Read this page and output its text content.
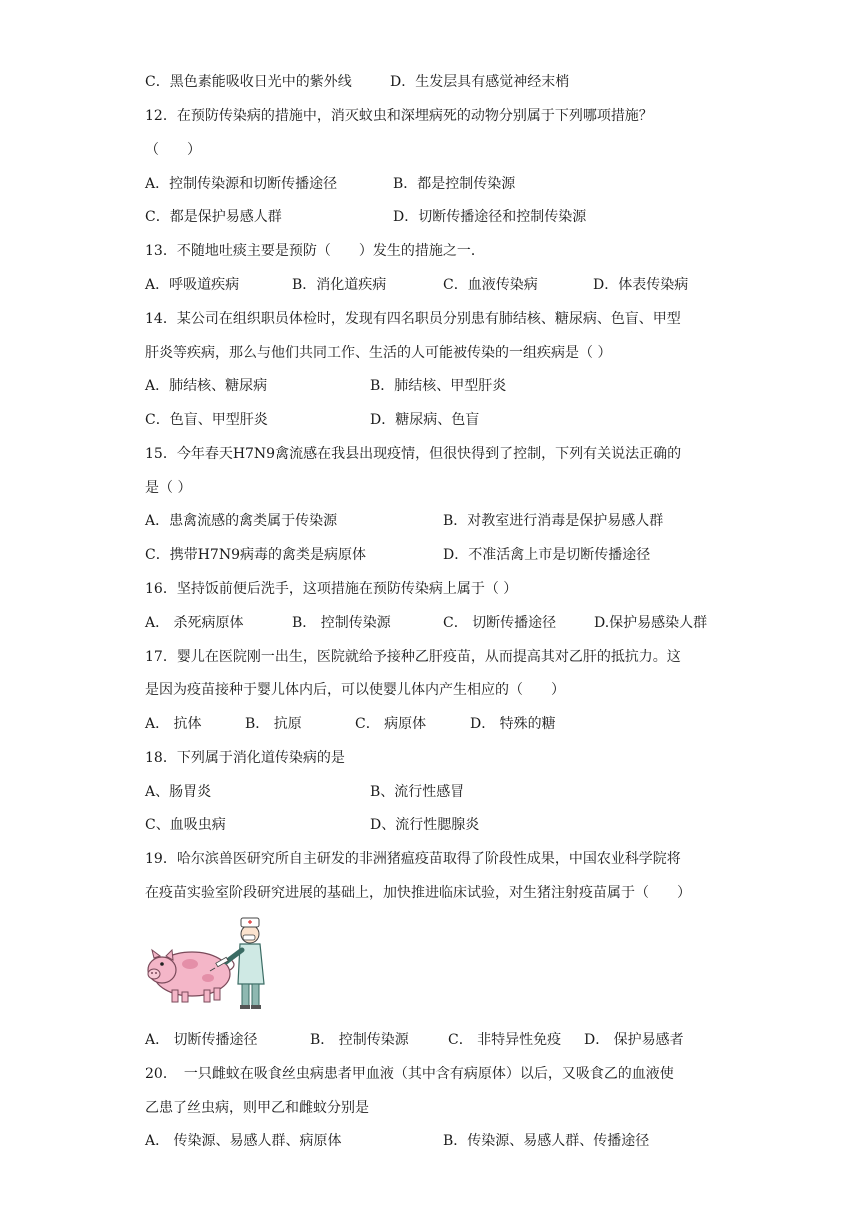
C．黑色素能吸收日光中的紫外线	D．生发层具有感觉神经末梢
12．在预防传染病的措施中，消灭蚊虫和深埋病死的动物分别属于下列哪项措施？
（　　）
A．控制传染源和切断传播途径	B．都是控制传染源
C．都是保护易感人群	D．切断传播途径和控制传染源
13．不随地吐痰主要是预防（　　）发生的措施之一．
A．呼吸道疾病	B．消化道疾病	C．血液传染病	D．体表传染病
14．某公司在组织职员体检时，发现有四名职员分别患有肺结核、糖尿病、色盲、甲型
肝炎等疾病，那么与他们共同工作、生活的人可能被传染的一组疾病是（ ）
A．肺结核、糖尿病	B．肺结核、甲型肝炎
C．色盲、甲型肝炎	D．糖尿病、色盲
15．今年春天H7N9禽流感在我县出现疫情，但很快得到了控制，下列有关说法正确的
是（ ）
A．患禽流感的禽类属于传染源	B．对教室进行消毒是保护易感人群
C．携带H7N9病毒的禽类是病原体	D．不准活禽上市是切断传播途径
16．坚持饭前便后洗手，这项措施在预防传染病上属于（ ）
A． 杀死病原体	B． 控制传染源	C． 切断传播途径	D.保护易感染人群
17．婴儿在医院刚一出生，医院就给予接种乙肝疫苗，从而提高其对乙肝的抵抗力。这
是因为疫苗接种于婴儿体内后，可以使婴儿体内产生相应的（　　）
A． 抗体	B． 抗原	C． 病原体	D． 特殊的糖
18．下列属于消化道传染病的是
A、肠胃炎	B、流行性感冒
C、血吸虫病	D、流行性腮腺炎
19．哈尔滨兽医研究所自主研发的非洲猪瘟疫苗取得了阶段性成果，中国农业科学院将
在疫苗实验室阶段研究进展的基础上，加快推进临床试验，对生猪注射疫苗属于（　　）
A． 切断传播途径	B． 控制传染源	C． 非特异性免疫 D． 保护易感者
20．　一只雌蚊在吸食丝虫病患者甲血液（其中含有病原体）以后，又吸食乙的血液使
乙患了丝虫病，则甲乙和雌蚊分别是
A． 传染源、易感人群、病原体	B．传染源、易感人群、传播途径
